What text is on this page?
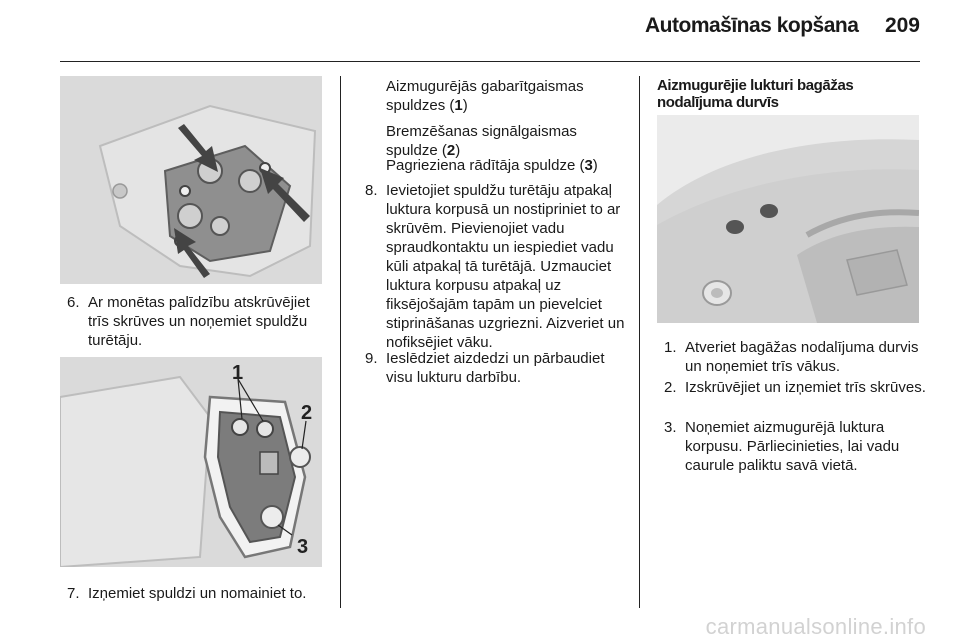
Automašīnas kopšana 209
6. Ar monētas palīdzību atskrūvējiet trīs skrūves un noņemiet spuldžu turētāju.
1
2
3
7. Izņemiet spuldzi un nomainiet to.
Aizmugurējās gabarītgaismas spuldzes (1)
Bremzēšanas signālgaismas spuldze (2)
Pagrieziena rādītāja spuldze (3)
8. Ievietojiet spuldžu turētāju atpakaļ luktura korpusā un nostipriniet to ar skrūvēm. Pievienojiet vadu spraudkontaktu un iespiediet vadu kūli atpakaļ tā turētājā. Uzmauciet luktura korpusu atpakaļ uz fiksējošajām tapām un pievelciet stiprināšanas uzgriezni. Aizveriet un nofiksējiet vāku.
9. Ieslēdziet aizdedzi un pārbaudiet visu lukturu darbību.
Aizmugurējie lukturi bagāžas nodalījuma durvīs
1. Atveriet bagāžas nodalījuma durvis un noņemiet trīs vākus.
2. Izskrūvējiet un izņemiet trīs skrūves.
3. Noņemiet aizmugurējā luktura korpusu. Pārliecinieties, lai vadu caurule paliktu savā vietā.
carmanualsonline.info
